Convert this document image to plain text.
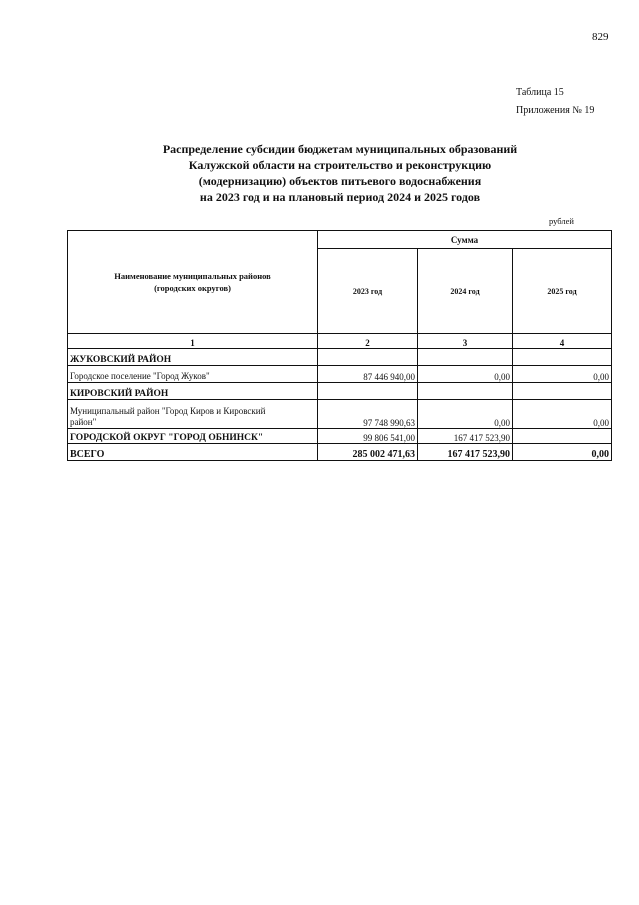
829
Таблица 15
Приложения № 19
Распределение субсидии бюджетам муниципальных образований
Калужской области на строительство и реконструкцию
(модернизацию) объектов питьевого водоснабжения
на 2023 год и на плановый период 2024 и 2025 годов
рублей
Наименование муниципальных районов
(городских округов)	Сумма		
	2023 год	2024 год	2025 год
1	2	3	4
ЖУКОВСКИЙ РАЙОН			
Городское поселение "Город Жуков"	87 446 940,00	0,00	0,00
КИРОВСКИЙ РАЙОН			

Муниципальный район "Город Киров и Кировский
район"	97 748 990,63	0,00	0,00
ГОРОДСКОЙ ОКРУГ "ГОРОД ОБНИНСК"	99 806 541,00	167 417 523,90	
ВСЕГО	285 002 471,63	167 417 523,90	0,00
